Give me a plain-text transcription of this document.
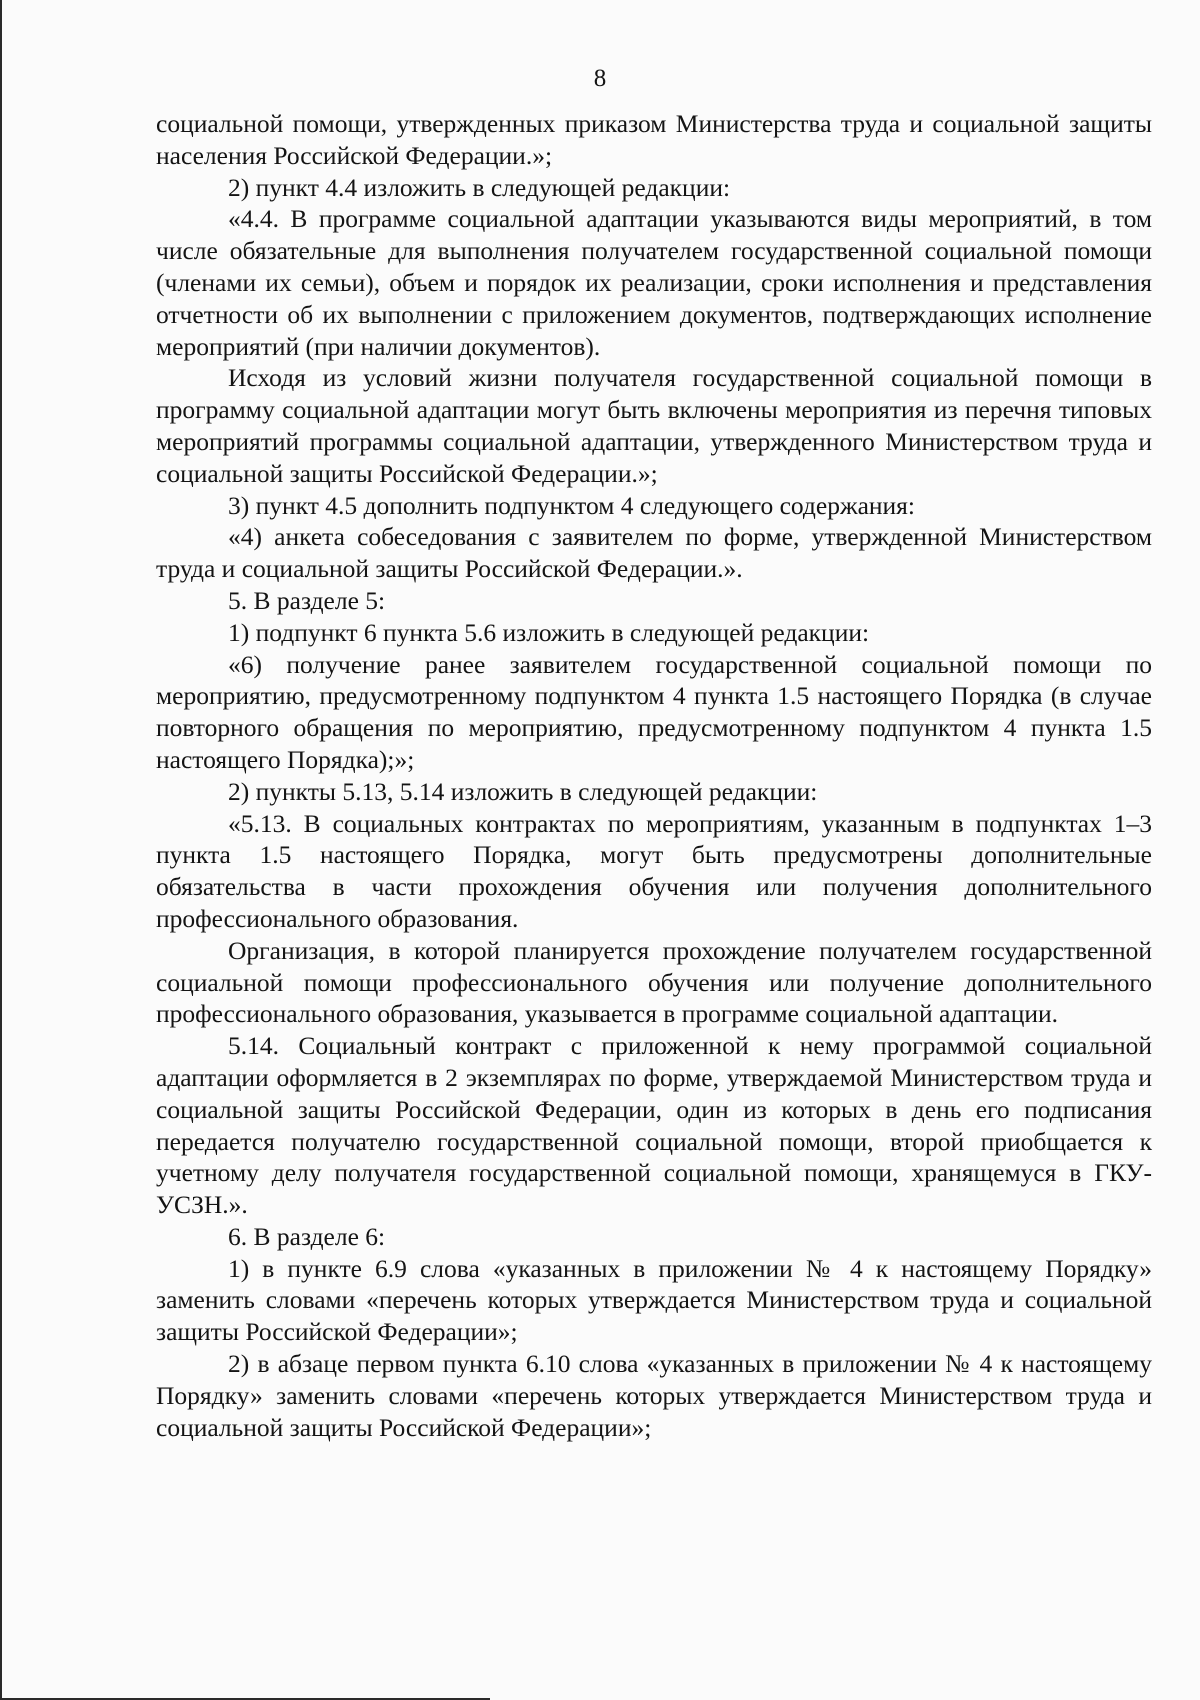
8

социальной помощи, утвержденных приказом Министерства труда и социальной защиты населения Российской Федерации.»;

2) пункт 4.4 изложить в следующей редакции:

«4.4. В программе социальной адаптации указываются виды мероприятий, в том числе обязательные для выполнения получателем государственной социальной помощи (членами их семьи), объем и порядок их реализации, сроки исполнения и представления отчетности об их выполнении с приложением документов, подтверждающих исполнение мероприятий (при наличии документов).

Исходя из условий жизни получателя государственной социальной помощи в программу социальной адаптации могут быть включены мероприятия из перечня типовых мероприятий программы социальной адаптации, утвержденного Министерством труда и социальной защиты Российской Федерации.»;

3) пункт 4.5 дополнить подпунктом 4 следующего содержания:

«4) анкета собеседования с заявителем по форме, утвержденной Министерством труда и социальной защиты Российской Федерации.».

5. В разделе 5:

1) подпункт 6 пункта 5.6 изложить в следующей редакции:

«6) получение ранее заявителем государственной социальной помощи по мероприятию, предусмотренному подпунктом 4 пункта 1.5 настоящего Порядка (в случае повторного обращения по мероприятию, предусмотренному подпунктом 4 пункта 1.5 настоящего Порядка);»;

2) пункты 5.13, 5.14 изложить в следующей редакции:

«5.13. В социальных контрактах по мероприятиям, указанным в подпунктах 1–3 пункта 1.5 настоящего Порядка, могут быть предусмотрены дополнительные обязательства в части прохождения обучения или получения дополнительного профессионального образования.

Организация, в которой планируется прохождение получателем государственной социальной помощи профессионального обучения или получение дополнительного профессионального образования, указывается в программе социальной адаптации.

5.14. Социальный контракт с приложенной к нему программой социальной адаптации оформляется в 2 экземплярах по форме, утверждаемой Министерством труда и социальной защиты Российской Федерации, один из которых в день его подписания передается получателю государственной социальной помощи, второй приобщается к учетному делу получателя государственной социальной помощи, хранящемуся в ГКУ-УСЗН.».

6. В разделе 6:

1) в пункте 6.9 слова «указанных в приложении № 4 к настоящему Порядку» заменить словами «перечень которых утверждается Министерством труда и социальной защиты Российской Федерации»;

2) в абзаце первом пункта 6.10 слова «указанных в приложении № 4 к настоящему Порядку» заменить словами «перечень которых утверждается Министерством труда и социальной защиты Российской Федерации»;
